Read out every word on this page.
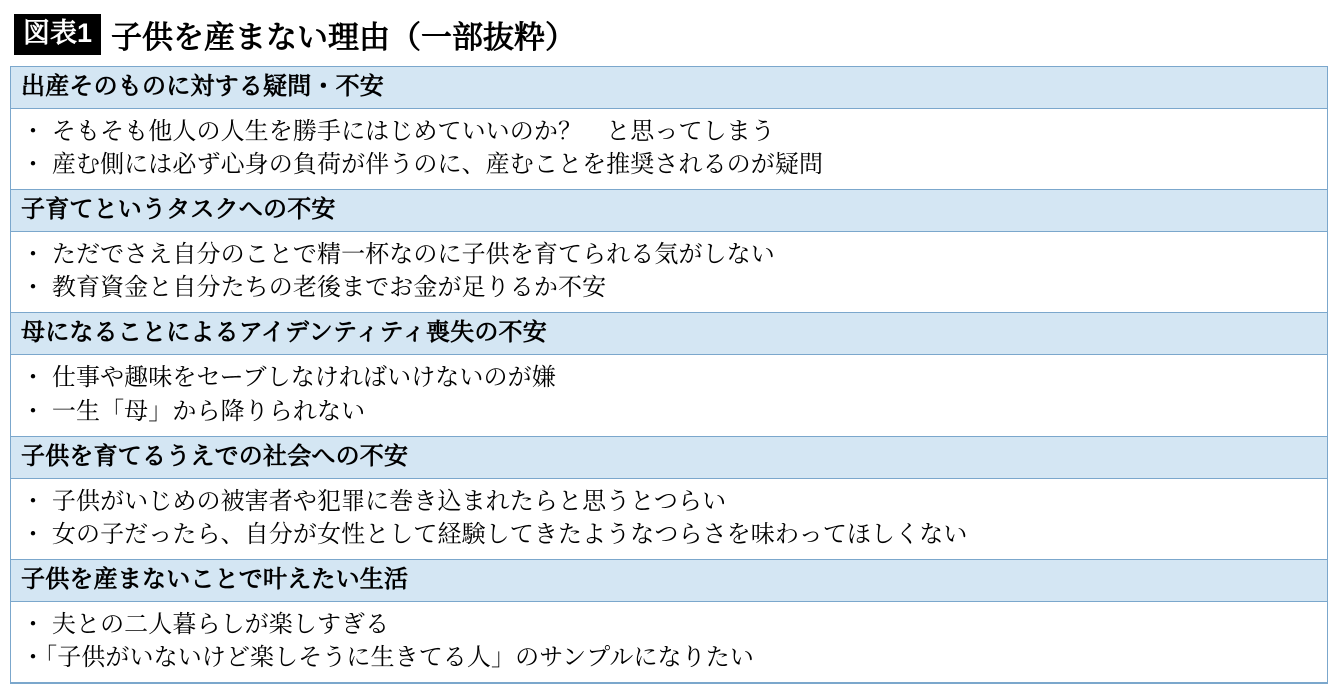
図表1 子供を産まない理由（一部抜粋）
出産そのものに対する疑問・不安
・ そもそも他人の人生を勝手にはじめていいのか？　と思ってしまう
・ 産む側には必ず心身の負荷が伴うのに、産むことを推奨されるのが疑問
子育てというタスクへの不安
・ ただでさえ自分のことで精一杯なのに子供を育てられる気がしない
・ 教育資金と自分たちの老後までお金が足りるか不安
母になることによるアイデンティティ喪失の不安
・ 仕事や趣味をセーブしなければいけないのが嫌
・ 一生「母」から降りられない
子供を育てるうえでの社会への不安
・ 子供がいじめの被害者や犯罪に巻き込まれたらと思うとつらい
・ 女の子だったら、自分が女性として経験してきたようなつらさを味わってほしくない
子供を産まないことで叶えたい生活
・ 夫との二人暮らしが楽しすぎる
・「子供がいないけど楽しそうに生きてる人」のサンプルになりたい
